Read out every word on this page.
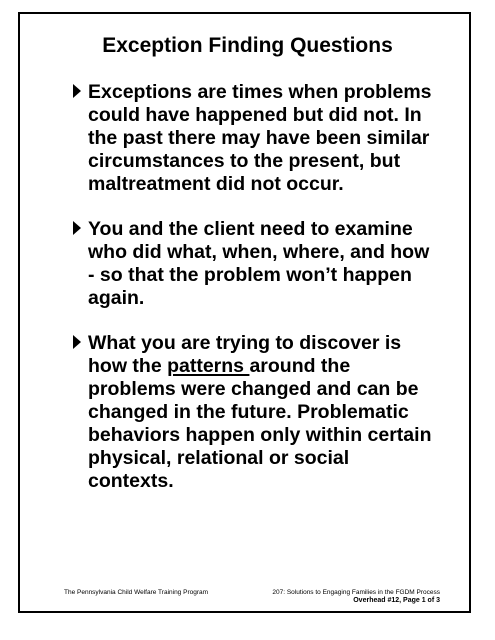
Exception Finding Questions
Exceptions are times when problems
could have happened but did not. In
the past there may have been similar
circumstances to the present, but
maltreatment did not occur.
You and the client need to examine
who did what, when, where, and how
- so that the problem won’t happen
again.
What you are trying to discover is
how the patterns around the
problems were changed and can be
changed in the future. Problematic
behaviors happen only within certain
physical, relational or social
contexts.
The Pennsylvania Child Welfare Training Program	207: Solutions to Engaging Families in the FGDM Process
Overhead #12, Page 1 of 3
